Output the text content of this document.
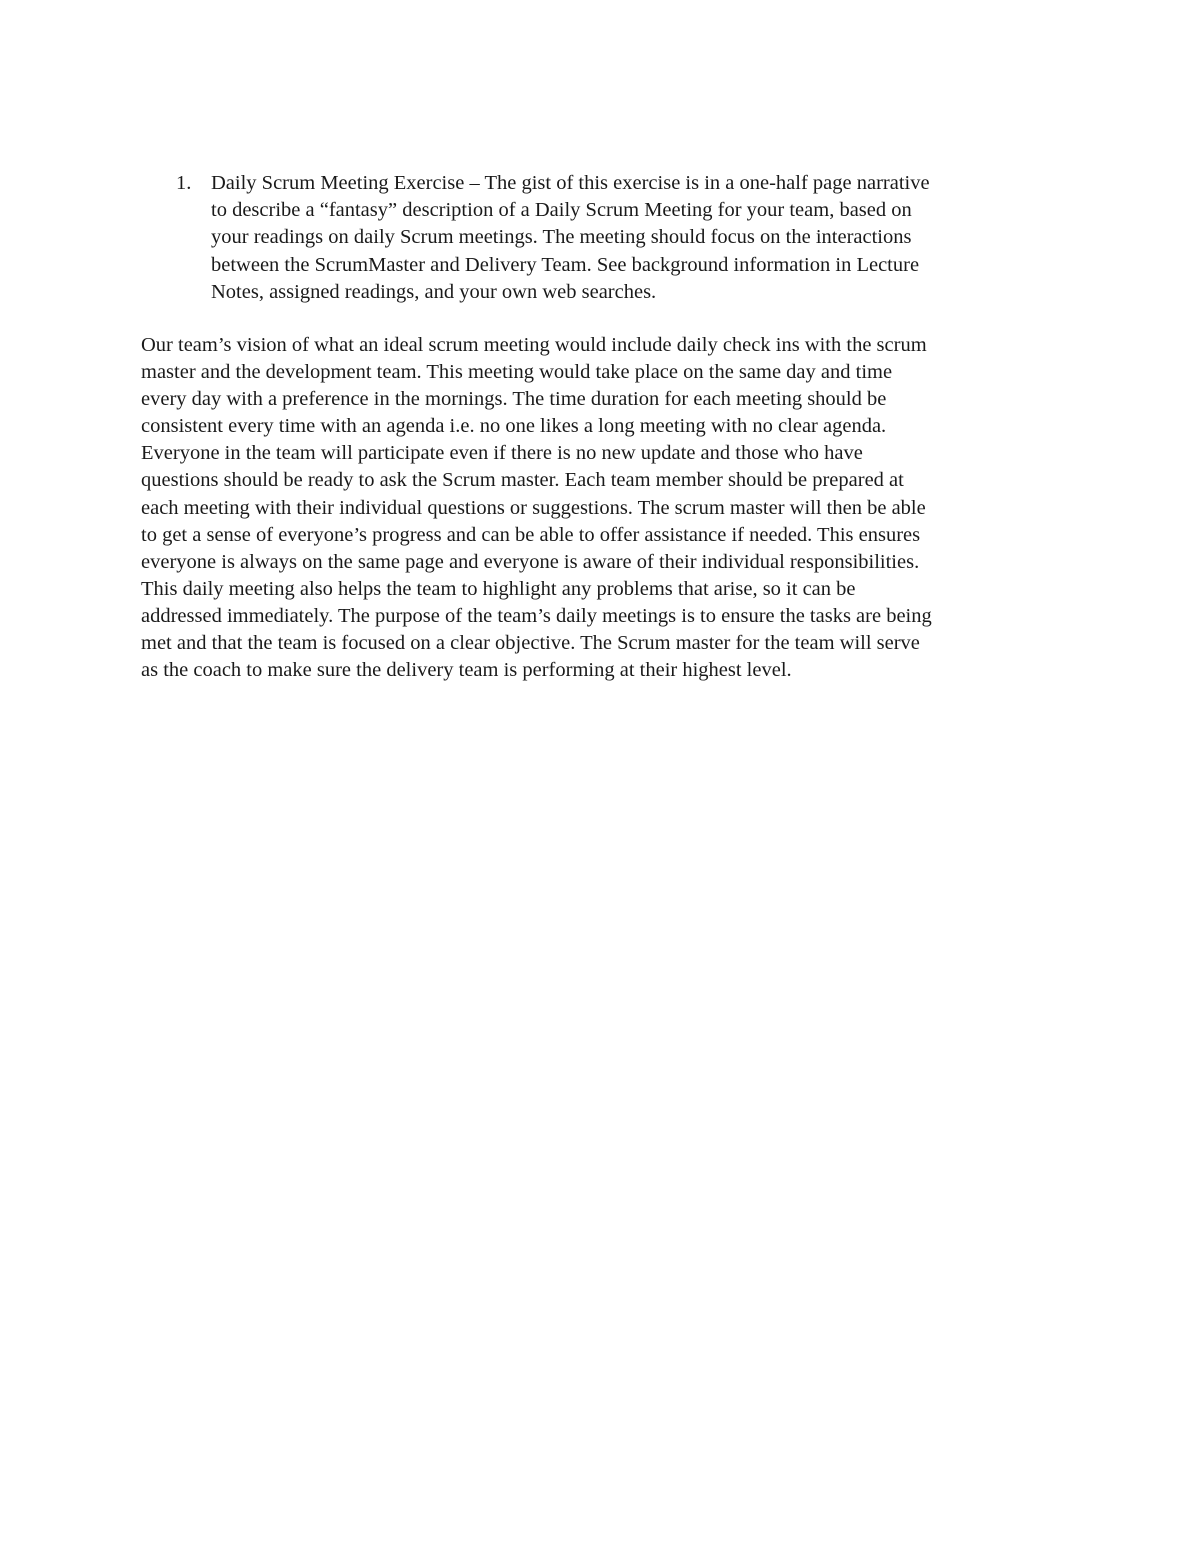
1. Daily Scrum Meeting Exercise – The gist of this exercise is in a one-half page narrative
to describe a “fantasy” description of a Daily Scrum Meeting for your team, based on
your readings on daily Scrum meetings. The meeting should focus on the interactions
between the ScrumMaster and Delivery Team. See background information in Lecture
Notes, assigned readings, and your own web searches.
Our team’s vision of what an ideal scrum meeting would include daily check ins with the scrum
master and the development team. This meeting would take place on the same day and time
every day with a preference in the mornings. The time duration for each meeting should be
consistent every time with an agenda i.e. no one likes a long meeting with no clear agenda.
Everyone in the team will participate even if there is no new update and those who have
questions should be ready to ask the Scrum master. Each team member should be prepared at
each meeting with their individual questions or suggestions. The scrum master will then be able
to get a sense of everyone’s progress and can be able to offer assistance if needed. This ensures
everyone is always on the same page and everyone is aware of their individual responsibilities.
This daily meeting also helps the team to highlight any problems that arise, so it can be
addressed immediately. The purpose of the team’s daily meetings is to ensure the tasks are being
met and that the team is focused on a clear objective. The Scrum master for the team will serve
as the coach to make sure the delivery team is performing at their highest level.
